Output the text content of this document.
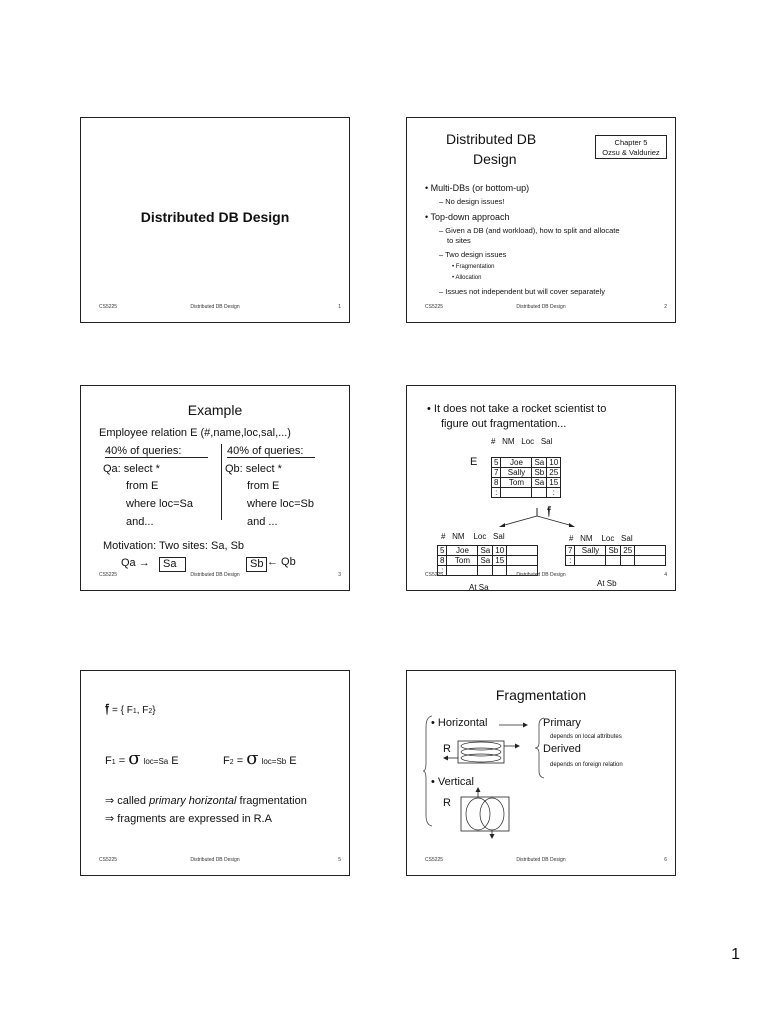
Distributed DB Design
CS5225	Distributed DB Design	1
Distributed DB
Design
Chapter 5
Ozsu & Valduriez
• Multi-DBs (or bottom-up)
– No design issues!
• Top-down approach
– Given a DB (and workload), how to split and allocate
to sites
– Two design issues
• Fragmentation
• Allocation
– Issues not independent but will cover separately
CS5225	Distributed DB Design	2
Example
Employee relation E (#,name,loc,sal,...)
40% of queries:	40% of queries:
Qa: select *
from E
where loc=Sa
and...
Qb: select *
from E
where loc=Sb
and ...
Motivation: Two sites: Sa, Sb
Qa →	Sa	Sb ← Qb
CS5225	Distributed DB Design	3
• It does not take a rocket scientist to
figure out fragmentation...
# NM Loc Sal
E 5	Joe	Sa	10
7	Sally	Sb	25
8	Tom	Sa	15
:			:
𝔣
# NM Loc Sal
5	Joe	Sa	10	
8	Tom	Sa	15	
:				
At Sa
# NM Loc Sal
7	Sally	Sb	25	
:				
At Sb
CS5225	Distributed DB Design	4
𝔣 = { F1, F2}
F1 = σ loc=Sa E	F2 = σ loc=Sb E
⇒ called primary horizontal fragmentation
⇒ fragments are expressed in R.A
CS5225	Distributed DB Design	5
Fragmentation
• Horizontal	Primary
depends on local attributes
Derived
depends on foreign relation
R
• Vertical
R
CS5225	Distributed DB Design	6
1
